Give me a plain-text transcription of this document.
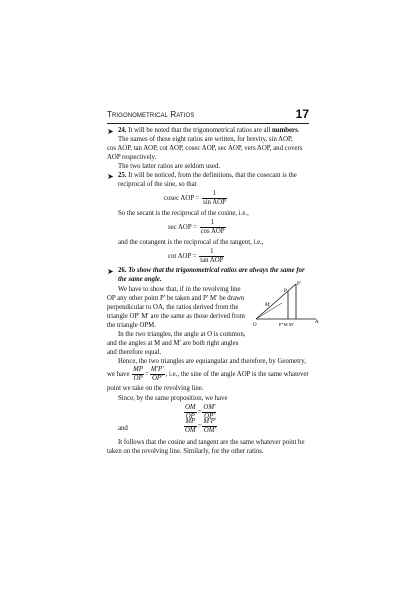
Trigonometrical Ratios	17
➤ 24. It will be noted that the trigonometrical ratios are all numbers.
The names of these eight ratios are written, for brevity, sin AOP,
cos AOP, tan AOP, cot AOP, cosec AOP, sec AOP, vers AOP, and covers
AOP respectively.
The two latter ratios are seldom used.
➤ 25. It will be noticed, from the definitions, that the cosecant is the
reciprocal of the sine, so that
cosec AOP = $\frac{1}{\text{sin AOP}}$
So the secant is the reciprocal of the cosine, i.e.,
sec AOP = $\frac{1}{\text{cos AOP}}$
and the cotangent is the reciprocal of the tangent, i.e.,
cot AOP = $\frac{1}{\text{tan AOP}}$
➤ 26. To show that the trigonometrical ratios are always the same for
the same angle.
We have to show that, if in the revolving line
OP any other point P′ be taken and P′ M′ be drawn
perpendicular to OA, the ratios derived from the
triangle OP′ M′ are the same as those derived from
the triangle OPM.
In the two triangles, the angle at O is common,
and the angles at M and M′ are both right angles
and therefore equal.
Hence, the two triangles are equiangular and therefore, by Geometry,
we have $\frac{MP}{OP} = \frac{M'P'}{OP'}$ , i.e., the sine of the angle AOP is the same whatever
point we take on the revolving line.
Since, by the same proposition, we have
$\frac{OM}{OP} = \frac{OM'}{OP'}$
and	$\frac{MP}{OM} = \frac{M'P'}{OM'}$
It follows that the cosine and tangent are the same whatever point be
taken on the revolving line. Similarly, for the other ratios.
P′
P
M′
O	P′′M M′	A
